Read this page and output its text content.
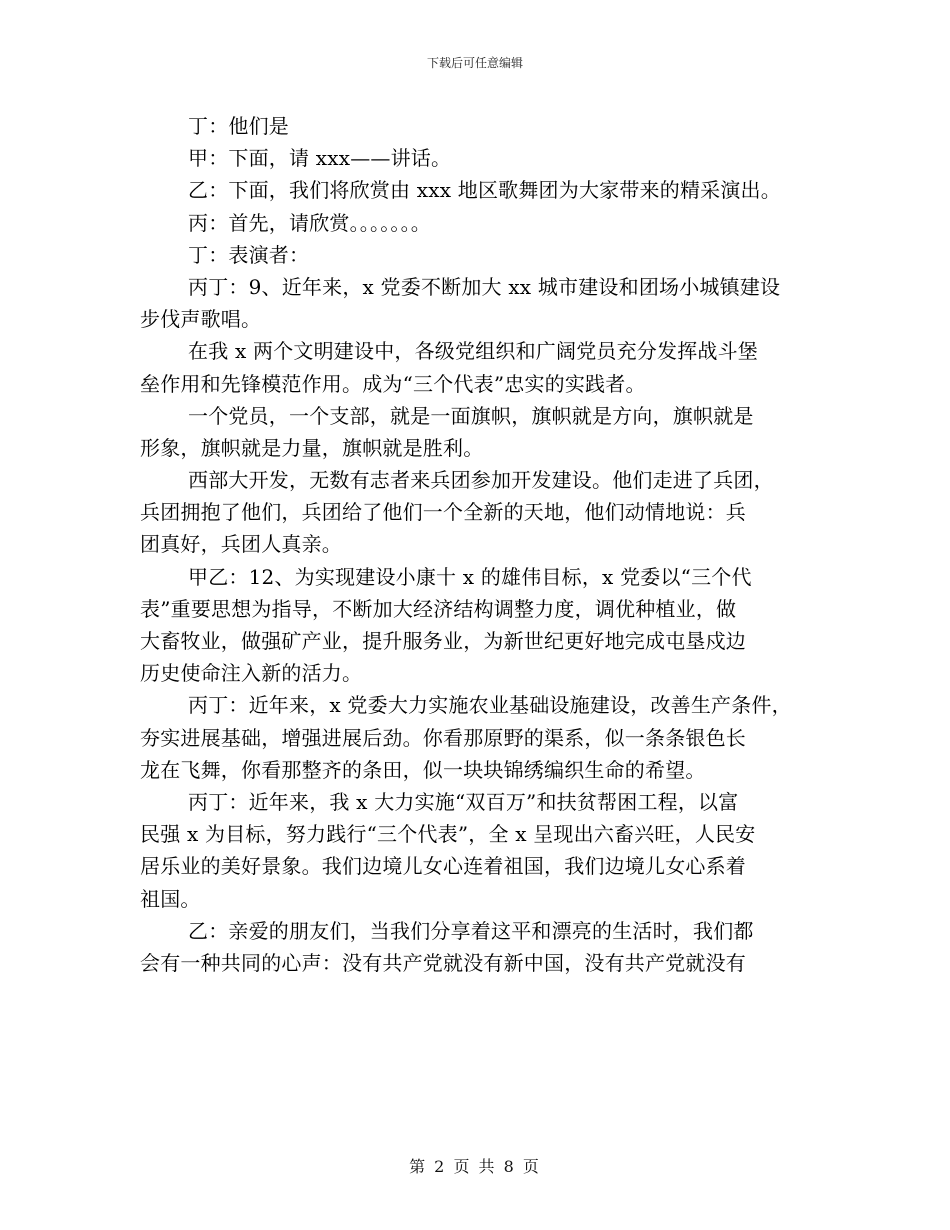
下载后可任意编辑
丁：他们是
甲：下面，请 xxx——讲话。
乙：下面，我们将欣赏由 xxx 地区歌舞团为大家带来的精采演出。
丙：首先，请欣赏。。。。。。。
丁：表演者：
丙丁：9、近年来，x 党委不断加大 xx 城市建设和团场小城镇建设
步伐声歌唱。
在我 x 两个文明建设中，各级党组织和广阔党员充分发挥战斗堡
垒作用和先锋模范作用。成为“三个代表”忠实的实践者。
一个党员，一个支部，就是一面旗帜，旗帜就是方向，旗帜就是
形象，旗帜就是力量，旗帜就是胜利。
西部大开发，无数有志者来兵团参加开发建设。他们走进了兵团，
兵团拥抱了他们，兵团给了他们一个全新的天地，他们动情地说：兵
团真好，兵团人真亲。
甲乙：12、为实现建设小康十 x 的雄伟目标，x 党委以“三个代
表”重要思想为指导，不断加大经济结构调整力度，调优种植业，做
大畜牧业，做强矿产业，提升服务业，为新世纪更好地完成屯垦戍边
历史使命注入新的活力。
丙丁：近年来，x 党委大力实施农业基础设施建设，改善生产条件，
夯实进展基础，增强进展后劲。你看那原野的渠系，似一条条银色长
龙在飞舞，你看那整齐的条田，似一块块锦绣编织生命的希望。
丙丁：近年来，我 x 大力实施“双百万”和扶贫帮困工程，以富
民强 x 为目标，努力践行“三个代表”，全 x 呈现出六畜兴旺，人民安
居乐业的美好景象。我们边境儿女心连着祖国，我们边境儿女心系着
祖国。
乙：亲爱的朋友们，当我们分享着这平和漂亮的生活时，我们都
会有一种共同的心声：没有共产党就没有新中国，没有共产党就没有
第 2 页 共 8 页
